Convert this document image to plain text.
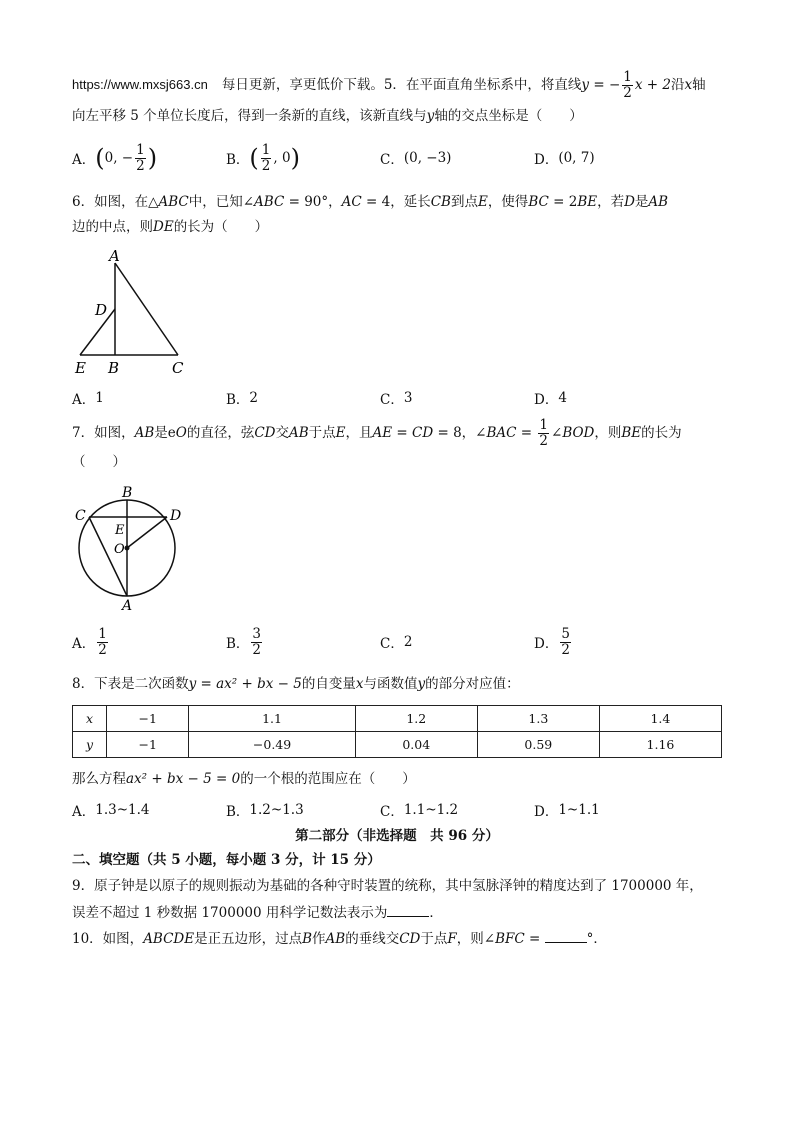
https://www.mxsj663.cn 每日更新，享更低价下载。5．在平面直角坐标系中，将直线y = − $\frac{1}{2}$ x + 2沿x轴
向左平移 5 个单位长度后，得到一条新的直线，该新直线与y轴的交点坐标是（　　）
A． ( 0, − $\frac{1}{2}$ )	B． ( $\frac{1}{2}$ , 0 )	C． (0, −3)	D． (0, 7)
6．如图，在△ABC中，已知∠ABC = 90°，AC = 4，延长CB到点E，使得BC = 2BE，若D是AB
边的中点，则DE的长为（　　）
A
D
E B	C
A． 1	B． 2	C． 3	D． 4
7．如图，AB是eO的直径，弦CD交AB于点E，且AE = CD = 8，∠BAC = $\frac{1}{2}$ ∠BOD，则BE的长为
（　　）
B
C	D
E
O
A
A． $\frac{1}{2}$	B． $\frac{3}{2}$	C． 2	D． $\frac{5}{2}$
8．下表是二次函数y = ax² + bx − 5的自变量x与函数值y的部分对应值：
x	−1	1.1	1.2	1.3	1.4
y	−1	−0.49	0.04	0.59	1.16
那么方程ax² + bx − 5 = 0的一个根的范围应在（　　）
A． 1.3~1.4	B． 1.2~1.3	C． 1.1~1.2	D． 1~1.1
第二部分（非选择题　共 96 分）
二、填空题（共 5 小题，每小题 3 分，计 15 分）
9．原子钟是以原子的规则振动为基础的各种守时装置的统称，其中氢脉泽钟的精度达到了 1700000 年，
误差不超过 1 秒数据 1700000 用科学记数法表示为	．
10．如图，ABCDE是正五边形，过点B作AB的垂线交CD于点F，则∠BFC =	°．
